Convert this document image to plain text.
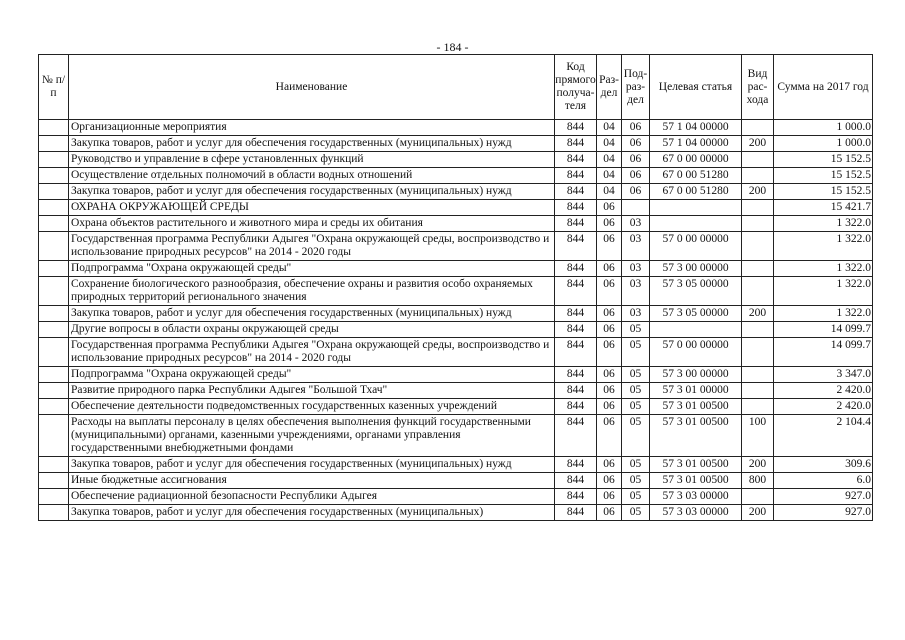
- 184 -
№ п/п	Наименование	Код прямого получа-теля	Раз-дел	Под-раз-дел	Целевая статья	Вид рас-хода	Сумма на 2017 год
	Организационные мероприятия	844	04	06	57 1 04 00000		1 000.0
	Закупка товаров, работ и услуг для обеспечения государственных (муниципальных) нужд	844	04	06	57 1 04 00000	200	1 000.0
	Руководство и управление в сфере установленных функций	844	04	06	67 0 00 00000		15 152.5
	Осуществление отдельных полномочий в области водных отношений	844	04	06	67 0 00 51280		15 152.5
	Закупка товаров, работ и услуг для обеспечения государственных (муниципальных) нужд	844	04	06	67 0 00 51280	200	15 152.5
	ОХРАНА ОКРУЖАЮЩЕЙ СРЕДЫ	844	06				15 421.7
	Охрана объектов растительного и животного мира и среды их обитания	844	06	03			1 322.0
	Государственная программа Республики Адыгея "Охрана окружающей среды, воспроизводство и использование природных ресурсов" на 2014 - 2020 годы	844	06	03	57 0 00 00000		1 322.0
	Подпрограмма "Охрана окружающей среды"	844	06	03	57 3 00 00000		1 322.0
	Сохранение биологического разнообразия, обеспечение охраны и развития особо охраняемых природных территорий регионального значения	844	06	03	57 3 05 00000		1 322.0
	Закупка товаров, работ и услуг для обеспечения государственных (муниципальных) нужд	844	06	03	57 3 05 00000	200	1 322.0
	Другие вопросы в области охраны окружающей среды	844	06	05			14 099.7
	Государственная программа Республики Адыгея "Охрана окружающей среды, воспроизводство и использование природных ресурсов" на 2014 - 2020 годы	844	06	05	57 0 00 00000		14 099.7
	Подпрограмма "Охрана окружающей среды"	844	06	05	57 3 00 00000		3 347.0
	Развитие природного парка Республики Адыгея "Большой Тхач"	844	06	05	57 3 01 00000		2 420.0
	Обеспечение деятельности подведомственных государственных казенных учреждений	844	06	05	57 3 01 00500		2 420.0
	Расходы на выплаты персоналу в целях обеспечения выполнения функций государственными (муниципальными) органами, казенными учреждениями, органами управления государственными внебюджетными фондами	844	06	05	57 3 01 00500	100	2 104.4
	Закупка товаров, работ и услуг для обеспечения государственных (муниципальных) нужд	844	06	05	57 3 01 00500	200	309.6
	Иные бюджетные ассигнования	844	06	05	57 3 01 00500	800	6.0
	Обеспечение радиационной безопасности Республики Адыгея	844	06	05	57 3 03 00000		927.0
	Закупка товаров, работ и услуг для обеспечения государственных (муниципальных)	844	06	05	57 3 03 00000	200	927.0
